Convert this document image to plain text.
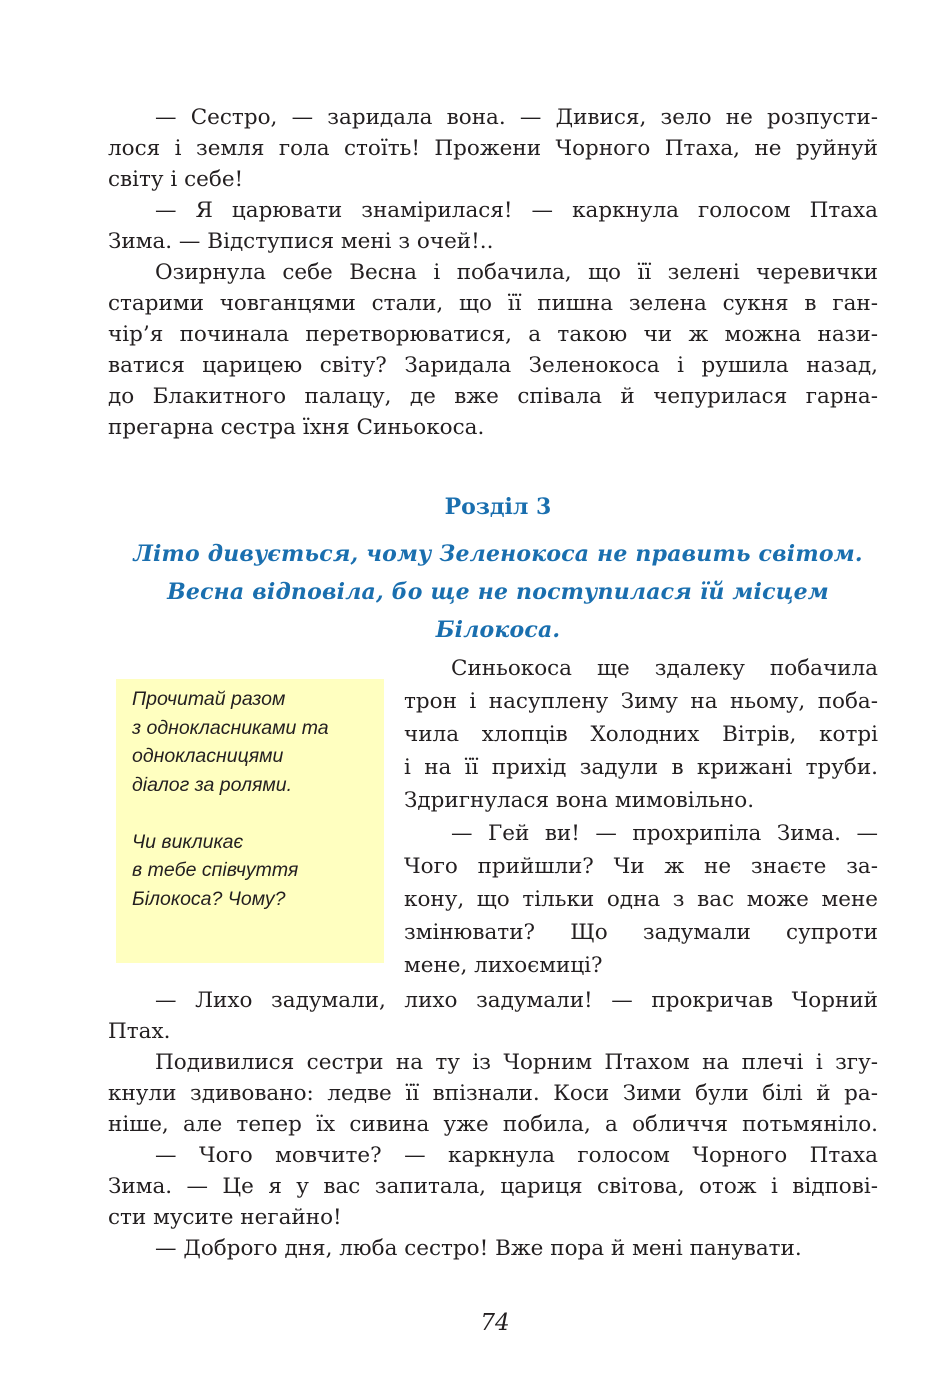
— Сестро, — заридала вона. — Дивися, зело не розпусти-
лося і земля гола стоїть! Прожени Чорного Птаха, не руйнуй
світу і себе!
— Я царювати знамірилася! — каркнула голосом Птаха
Зима. — Відступися мені з очей!..
Озирнула себе Весна і побачила, що її зелені черевички
старими човганцями стали, що її пишна зелена сукня в ган-
чір’я починала перетворюватися, а такою чи ж можна нази-
ватися царицею світу? Заридала Зеленокоса і рушила назад,
до Блакитного палацу, де вже співала й чепурилася гарна-
прегарна сестра їхня Синьокоса.
Розділ 3
Літо дивується, чому Зеленокоса не править світом.
Весна відповіла, бо ще не поступилася їй місцем
Білокоса.
Прочитай разом
з однокласниками та
однокласницями
діалог за ролями.
Чи викликає
в тебе співчуття
Білокоса? Чому?
Синьокоса ще здалеку побачила
трон і насуплену Зиму на ньому, поба-
чила хлопців Холодних Вітрів, котрі
і на її прихід задули в крижані труби.
Здригнулася вона мимовільно.
— Гей ви! — прохрипіла Зима. —
Чого прийшли? Чи ж не знаєте за-
кону, що тільки одна з вас може мене
змінювати? Що задумали супроти
мене, лихоємиці?
— Лихо задумали, лихо задумали! — прокричав Чорний
Птах.
Подивилися сестри на ту із Чорним Птахом на плечі і згу-
кнули здивовано: ледве її впізнали. Коси Зими були білі й ра-
ніше, але тепер їх сивина уже побила, а обличчя потьмяніло.
— Чого мовчите? — каркнула голосом Чорного Птаха
Зима. — Це я у вас запитала, цариця світова, отож і відпові-
сти мусите негайно!
— Доброго дня, люба сестро! Вже пора й мені панувати.
74
